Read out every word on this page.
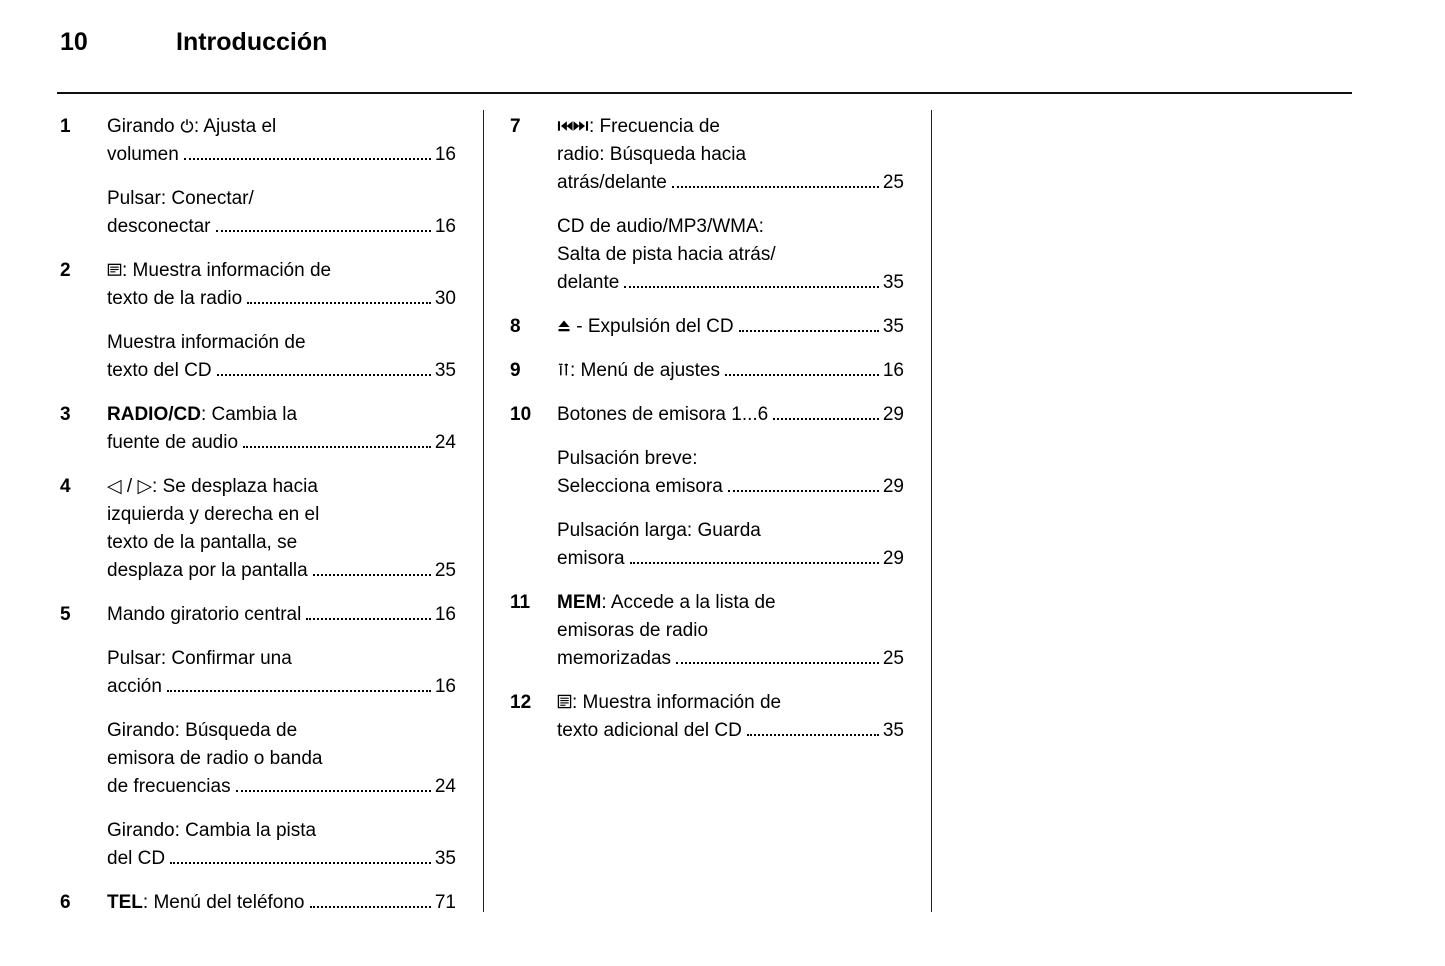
10	Introducción
1	Girando : Ajusta el
volumen	16
Pulsar: Conectar/
desconectar	16
2	: Muestra información de
texto de la radio	30
Muestra información de
texto del CD	35
3	RADIO/CD: Cambia la
fuente de audio	24
4	◁ / ▷: Se desplaza hacia
izquierda y derecha en el
texto de la pantalla, se
desplaza por la pantalla	25
5	Mando giratorio central	16
Pulsar: Confirmar una
acción	16
Girando: Búsqueda de
emisora de radio o banda
de frecuencias	24
Girando: Cambia la pista
del CD	35
6	TEL : Menú del teléfono	71
7	: Frecuencia de
radio: Búsqueda hacia
atrás/delante	25
CD de audio/MP3/WMA:
Salta de pista hacia atrás/
delante	35
8	- Expulsión del CD	35
9	: Menú de ajustes	16
10	Botones de emisora 1...6	29
Pulsación breve:
Selecciona emisora	29
Pulsación larga: Guarda
emisora	29
11	MEM: Accede a la lista de
emisoras de radio
memorizadas	25
12	: Muestra información de
texto adicional del CD	35
